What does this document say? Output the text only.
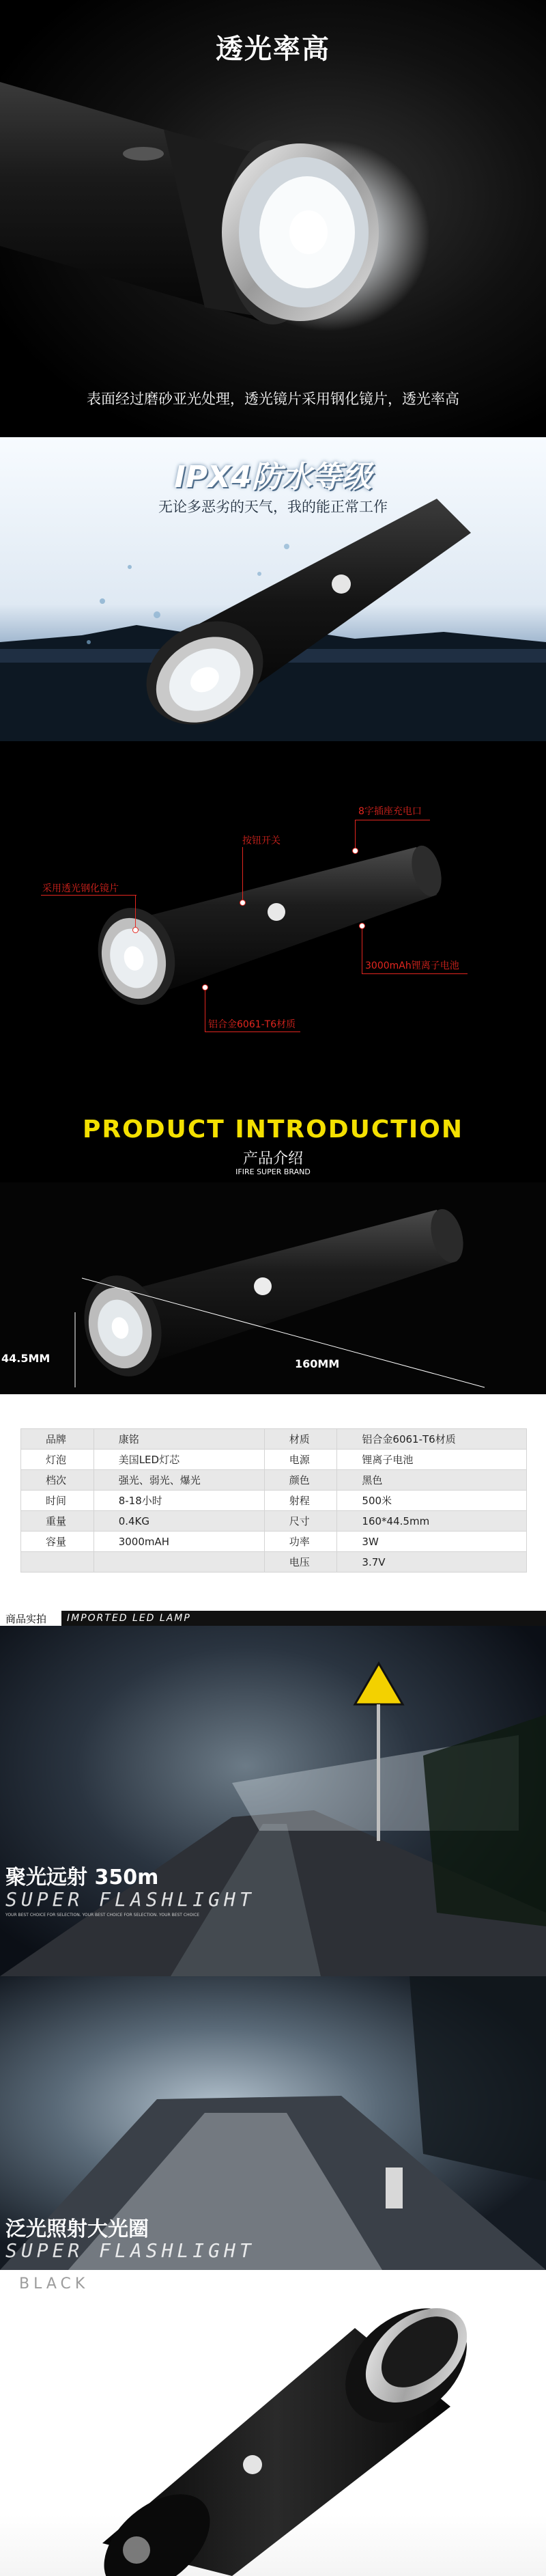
透光率高
表面经过磨砂亚光处理，透光镜片采用钢化镜片，透光率高
IPX4防水等级
无论多恶劣的天气，我的能正常工作
8字插座充电口
按钮开关
采用透光钢化镜片
3000mAh锂离子电池
铝合金6061-T6材质
PRODUCT INTRODUCTION
产品介绍
IFIRE SUPER BRAND
44.5MM	160MM
品牌	康铭	材质	铝合金6061-T6材质
灯泡	美国LED灯芯	电源	锂离子电池
档次	强光、弱光、爆光	颜色	黑色
时间	8-18小时	射程	500米
重量	0.4KG	尺寸	160*44.5mm
容量	3000mAH	功率	3W
		电压	3.7V
商品实拍	IMPORTED LED LAMP
聚光远射 350m
SUPER FLASHLIGHT
YOUR BEST CHOICE FOR SELECTION. YOUR BEST CHOICE FOR SELECTION. YOUR BEST CHOICE
泛光照射大光圈
SUPER FLASHLIGHT
BLACK
